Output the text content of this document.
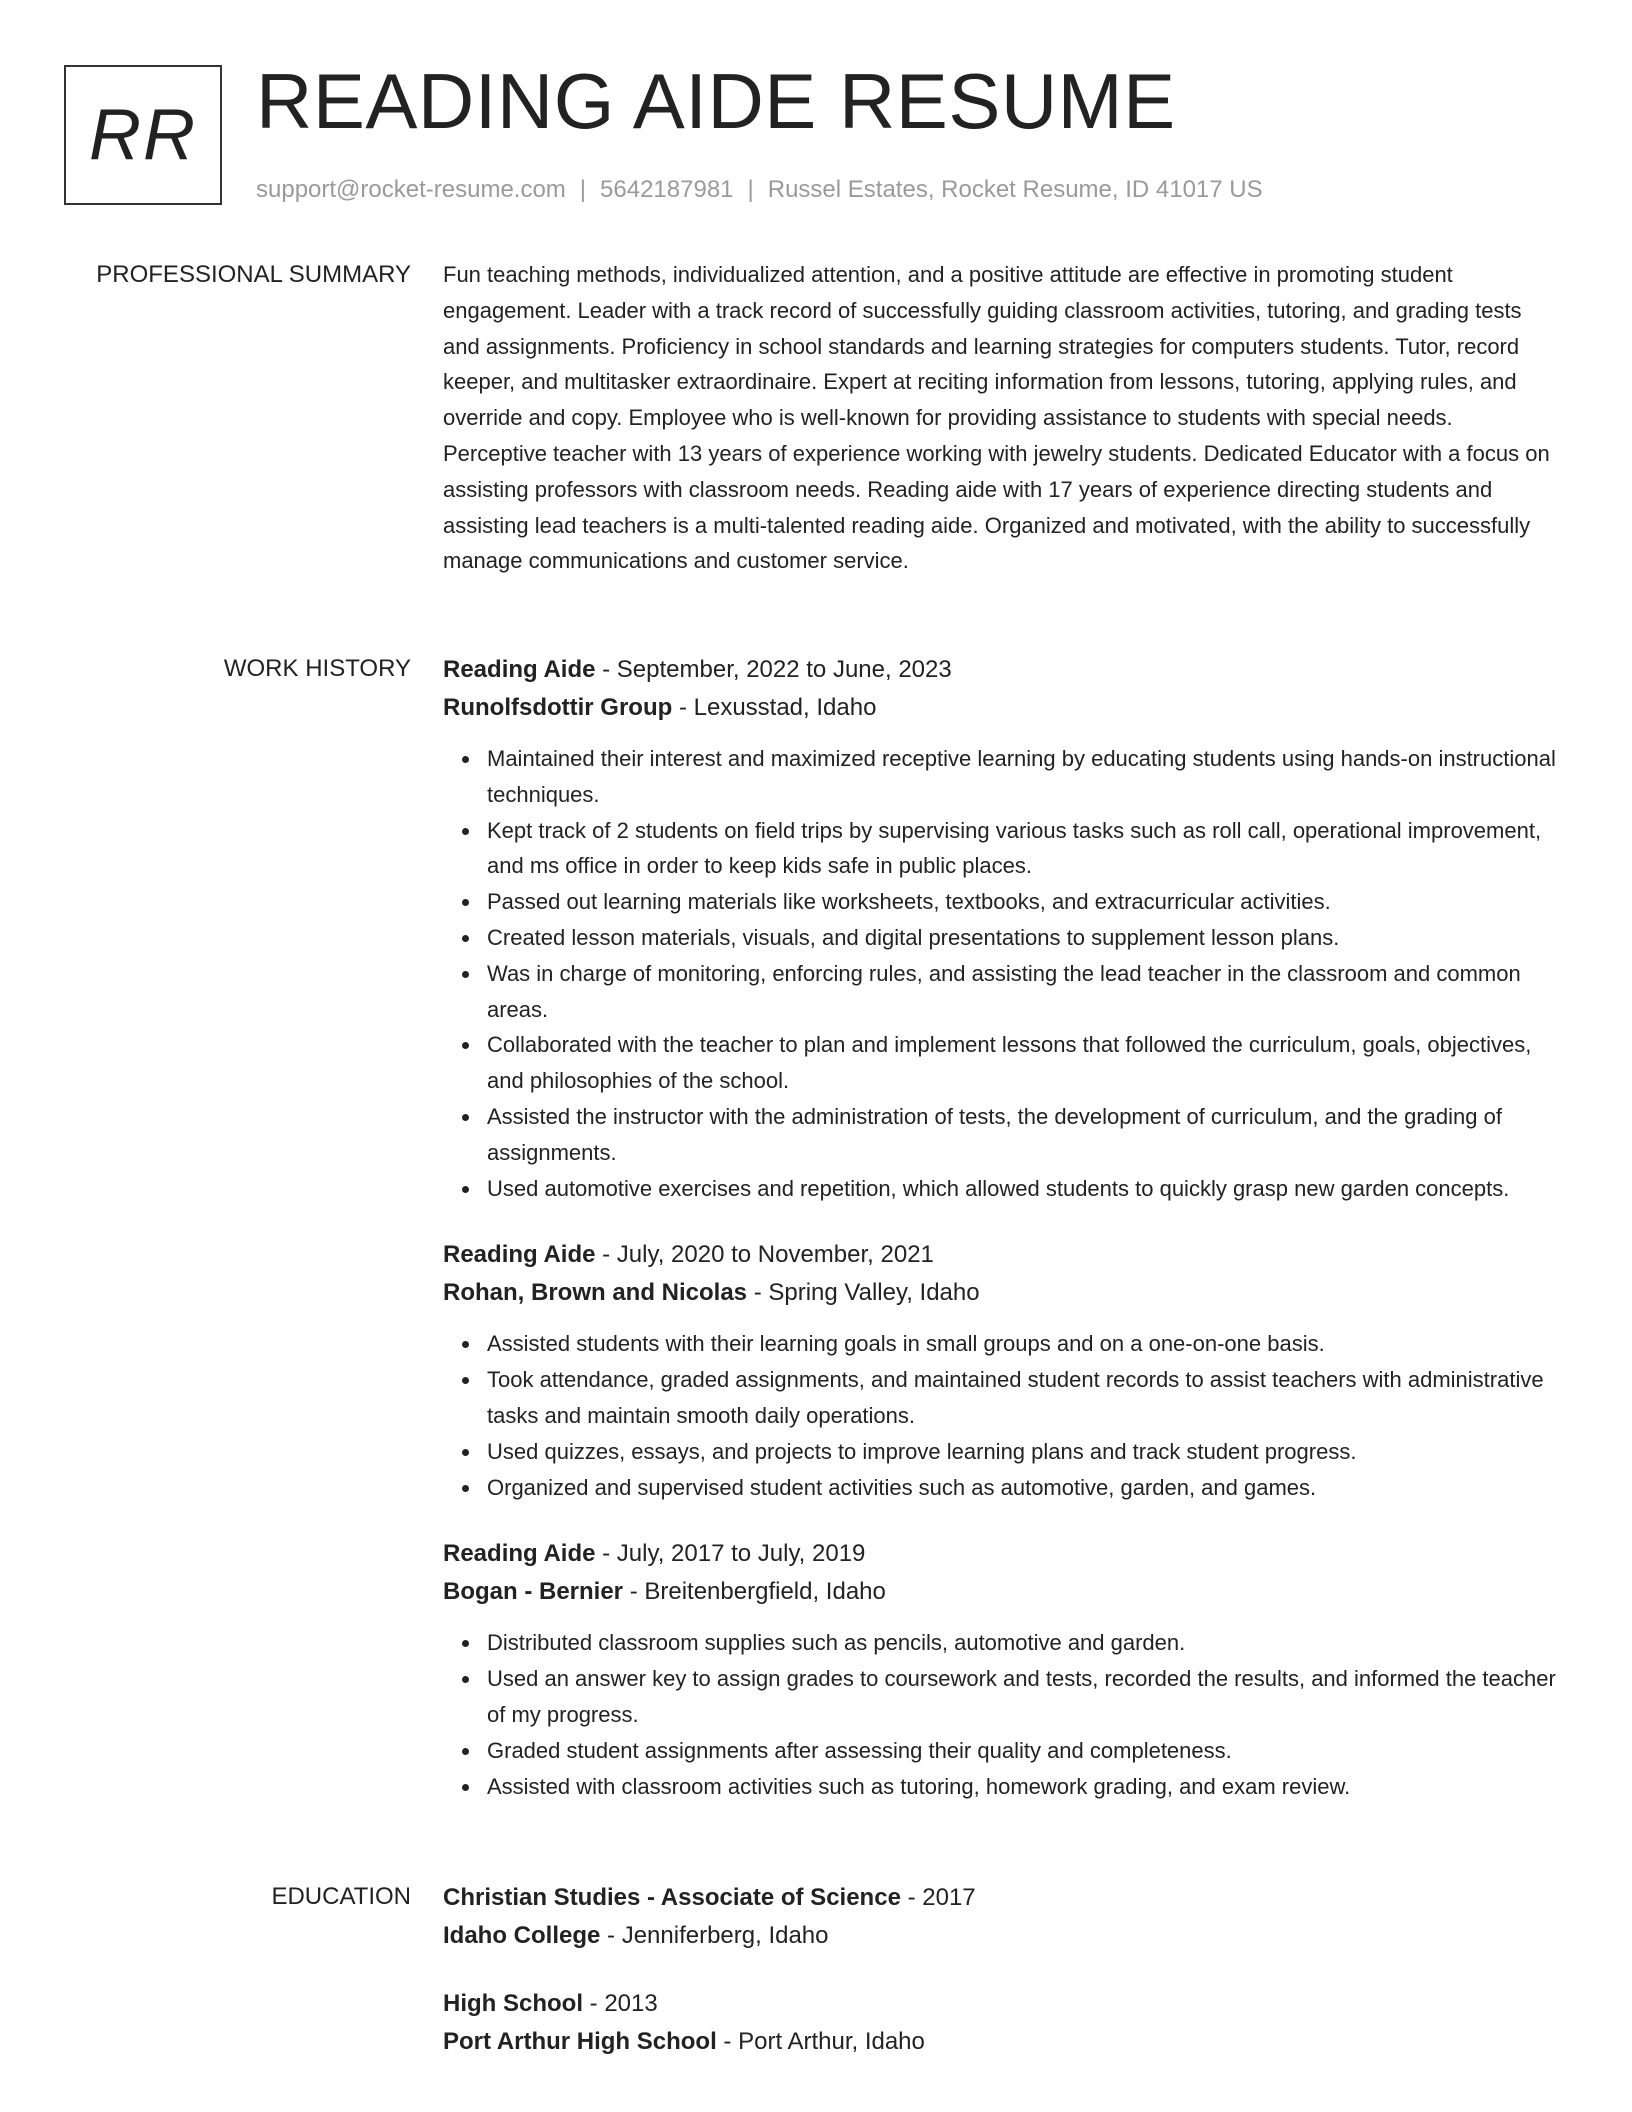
RR READING AIDE RESUME
support@rocket-resume.com | 5642187981 | Russel Estates, Rocket Resume, ID 41017 US
PROFESSIONAL SUMMARY Fun teaching methods, individualized attention, and a positive attitude are effective in promoting student engagement. Leader with a track record of successfully guiding classroom activities, tutoring, and grading tests and assignments. Proficiency in school standards and learning strategies for computers students. Tutor, record keeper, and multitasker extraordinaire. Expert at reciting information from lessons, tutoring, applying rules, and override and copy. Employee who is well-known for providing assistance to students with special needs. Perceptive teacher with 13 years of experience working with jewelry students. Dedicated Educator with a focus on assisting professors with classroom needs. Reading aide with 17 years of experience directing students and assisting lead teachers is a multi-talented reading aide. Organized and motivated, with the ability to successfully manage communications and customer service.

WORK HISTORY Reading Aide - September, 2022 to June, 2023
Runolfsdottir Group - Lexusstad, Idaho
Maintained their interest and maximized receptive learning by educating students using hands-on instructional techniques.
Kept track of 2 students on field trips by supervising various tasks such as roll call, operational improvement, and ms office in order to keep kids safe in public places.
Passed out learning materials like worksheets, textbooks, and extracurricular activities.
Created lesson materials, visuals, and digital presentations to supplement lesson plans.
Was in charge of monitoring, enforcing rules, and assisting the lead teacher in the classroom and common areas.
Collaborated with the teacher to plan and implement lessons that followed the curriculum, goals, objectives, and philosophies of the school.
Assisted the instructor with the administration of tests, the development of curriculum, and the grading of assignments.
Used automotive exercises and repetition, which allowed students to quickly grasp new garden concepts.
Reading Aide - July, 2020 to November, 2021
Rohan, Brown and Nicolas - Spring Valley, Idaho
Assisted students with their learning goals in small groups and on a one-on-one basis.
Took attendance, graded assignments, and maintained student records to assist teachers with administrative tasks and maintain smooth daily operations.
Used quizzes, essays, and projects to improve learning plans and track student progress.
Organized and supervised student activities such as automotive, garden, and games.
Reading Aide - July, 2017 to July, 2019
Bogan - Bernier - Breitenbergfield, Idaho
Distributed classroom supplies such as pencils, automotive and garden.
Used an answer key to assign grades to coursework and tests, recorded the results, and informed the teacher of my progress.
Graded student assignments after assessing their quality and completeness.
Assisted with classroom activities such as tutoring, homework grading, and exam review.
EDUCATION Christian Studies - Associate of Science - 2017
Idaho College - Jenniferberg, Idaho
High School - 2013
Port Arthur High School - Port Arthur, Idaho
